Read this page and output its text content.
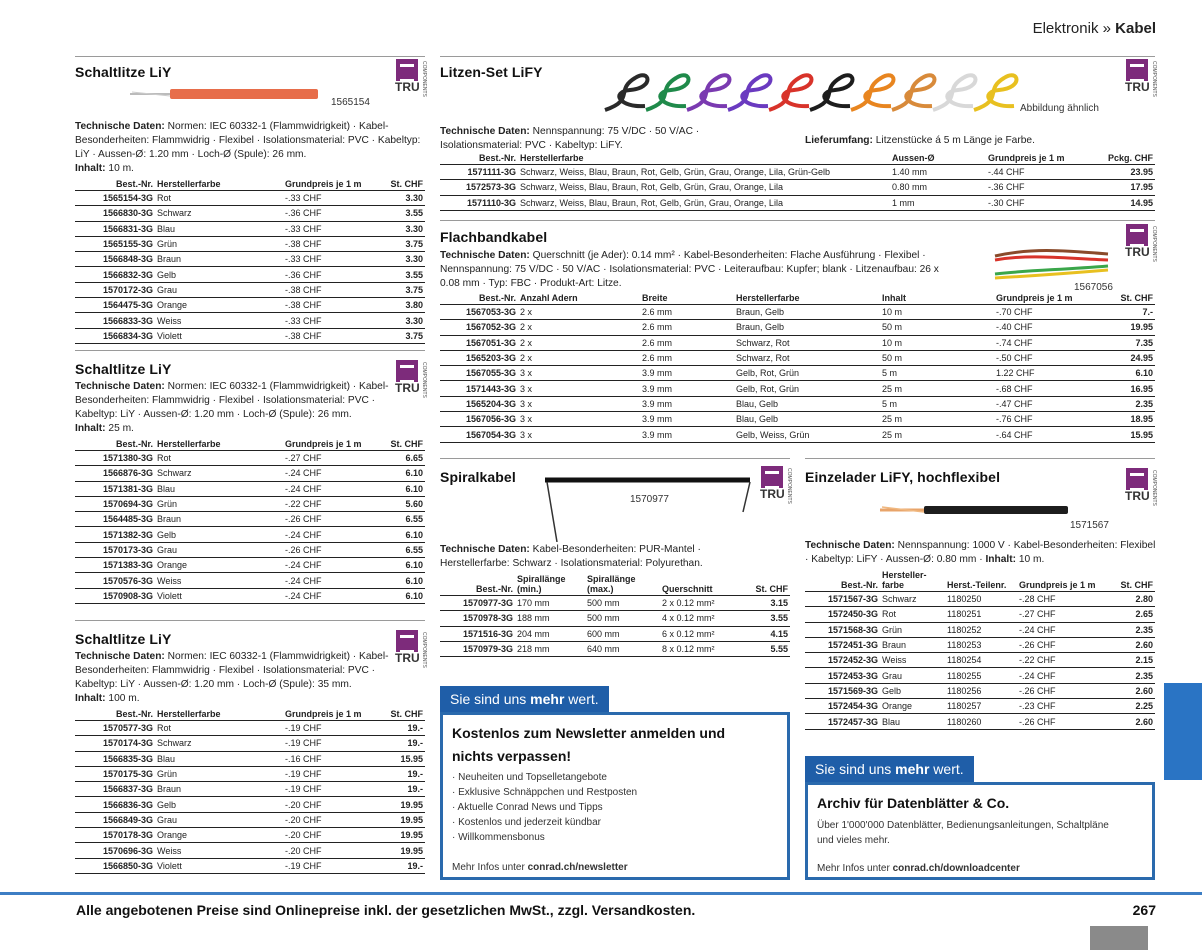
Elektronik » Kabel
Schaltlitze LiY
TRU COMPONENTS
1565154
Technische Daten: Normen: IEC 60332-1 (Flammwidrigkeit) · Kabel-Besonderheiten: Flammwidrig · Flexibel · Isolationsmaterial: PVC · Kabeltyp: LiY · Aussen-Ø: 1.20 mm · Loch-Ø (Spule): 26 mm.
Inhalt: 10 m.
Best.-Nr.	Herstellerfarbe	Grundpreis je 1 m	St. CHF
1565154-3G	Rot	-.33 CHF	3.30
1566830-3G	Schwarz	-.36 CHF	3.55
1566831-3G	Blau	-.33 CHF	3.30
1565155-3G	Grün	-.38 CHF	3.75
1566848-3G	Braun	-.33 CHF	3.30
1566832-3G	Gelb	-.36 CHF	3.55
1570172-3G	Grau	-.38 CHF	3.75
1564475-3G	Orange	-.38 CHF	3.80
1566833-3G	Weiss	-.33 CHF	3.30
1566834-3G	Violett	-.38 CHF	3.75
Schaltlitze LiY
TRU COMPONENTS
Technische Daten: Normen: IEC 60332-1 (Flammwidrigkeit) · Kabel-Besonderheiten: Flammwidrig · Flexibel · Isolationsmaterial: PVC · Kabeltyp: LiY · Aussen-Ø: 1.20 mm · Loch-Ø (Spule): 26 mm.
Inhalt: 25 m.
Best.-Nr.	Herstellerfarbe	Grundpreis je 1 m	St. CHF
1571380-3G	Rot	-.27 CHF	6.65
1566876-3G	Schwarz	-.24 CHF	6.10
1571381-3G	Blau	-.24 CHF	6.10
1570694-3G	Grün	-.22 CHF	5.60
1564485-3G	Braun	-.26 CHF	6.55
1571382-3G	Gelb	-.24 CHF	6.10
1570173-3G	Grau	-.26 CHF	6.55
1571383-3G	Orange	-.24 CHF	6.10
1570576-3G	Weiss	-.24 CHF	6.10
1570908-3G	Violett	-.24 CHF	6.10
Schaltlitze LiY
TRU COMPONENTS
Technische Daten: Normen: IEC 60332-1 (Flammwidrigkeit) · Kabel-Besonderheiten: Flammwidrig · Flexibel · Isolationsmaterial: PVC · Kabeltyp: LiY · Aussen-Ø: 1.20 mm · Loch-Ø (Spule): 35 mm.
Inhalt: 100 m.
Best.-Nr.	Herstellerfarbe	Grundpreis je 1 m	St. CHF
1570577-3G	Rot	-.19 CHF	19.-
1570174-3G	Schwarz	-.19 CHF	19.-
1566835-3G	Blau	-.16 CHF	15.95
1570175-3G	Grün	-.19 CHF	19.-
1566837-3G	Braun	-.19 CHF	19.-
1566836-3G	Gelb	-.20 CHF	19.95
1566849-3G	Grau	-.20 CHF	19.95
1570178-3G	Orange	-.20 CHF	19.95
1570696-3G	Weiss	-.20 CHF	19.95
1566850-3G	Violett	-.19 CHF	19.-
Litzen-Set LiFY
Abbildung ähnlich
TRU COMPONENTS
Technische Daten: Nennspannung: 75 V/DC · 50 V/AC · Isolationsmaterial: PVC · Kabeltyp: LiFY.	Lieferumfang: Litzenstücke á 5 m Länge je Farbe.
Best.-Nr.	Herstellerfarbe	Aussen-Ø	Grundpreis je 1 m	Pckg. CHF
1571111-3G	Schwarz, Weiss, Blau, Braun, Rot, Gelb, Grün, Grau, Orange, Lila, Grün-Gelb	1.40 mm	-.44 CHF	23.95
1572573-3G	Schwarz, Weiss, Blau, Braun, Rot, Gelb, Grün, Grau, Orange, Lila	0.80 mm	-.36 CHF	17.95
1571110-3G	Schwarz, Weiss, Blau, Braun, Rot, Gelb, Grün, Grau, Orange, Lila	1 mm	-.30 CHF	14.95
Flachbandkabel
1567056
TRU COMPONENTS
Technische Daten: Querschnitt (je Ader): 0.14 mm² · Kabel-Besonderheiten: Flache Ausführung · Flexibel · Nennspannung: 75 V/DC · 50 V/AC · Isolationsmaterial: PVC · Leiteraufbau: Kupfer; blank · Litzenaufbau: 26 x 0.08 mm · Typ: FBC · Produkt-Art: Litze.
Best.-Nr.	Anzahl Adern	Breite	Herstellerfarbe	Inhalt	Grundpreis je 1 m	St. CHF
1567053-3G	2 x	2.6 mm	Braun, Gelb	10 m	-.70 CHF	7.-
1567052-3G	2 x	2.6 mm	Braun, Gelb	50 m	-.40 CHF	19.95
1567051-3G	2 x	2.6 mm	Schwarz, Rot	10 m	-.74 CHF	7.35
1565203-3G	2 x	2.6 mm	Schwarz, Rot	50 m	-.50 CHF	24.95
1567055-3G	3 x	3.9 mm	Gelb, Rot, Grün	5 m	1.22 CHF	6.10
1571443-3G	3 x	3.9 mm	Gelb, Rot, Grün	25 m	-.68 CHF	16.95
1565204-3G	3 x	3.9 mm	Blau, Gelb	5 m	-.47 CHF	2.35
1567056-3G	3 x	3.9 mm	Blau, Gelb	25 m	-.76 CHF	18.95
1567054-3G	3 x	3.9 mm	Gelb, Weiss, Grün	25 m	-.64 CHF	15.95
Spiralkabel
1570977	TRU COMPONENTS
Technische Daten: Kabel-Besonderheiten: PUR-Mantel · Herstellerfarbe: Schwarz · Isolationsmaterial: Polyurethan.
Best.-Nr.	Spirallänge (min.)	Spirallänge (max.)	Querschnitt	St. CHF
1570977-3G	170 mm	500 mm	2 x 0.12 mm²	3.15
1570978-3G	188 mm	500 mm	4 x 0.12 mm²	3.55
1571516-3G	204 mm	600 mm	6 x 0.12 mm²	4.15
1570979-3G	218 mm	640 mm	8 x 0.12 mm²	5.55
Einzelader LiFY, hochflexibel
1571567
TRU COMPONENTS
Technische Daten: Nennspannung: 1000 V · Kabel-Besonderheiten: Flexibel · Kabeltyp: LiFY · Aussen-Ø: 0.80 mm · Inhalt: 10 m.
Best.-Nr.	Hersteller-farbe	Herst.-Teilenr.	Grundpreis je 1 m	St. CHF
1571567-3G	Schwarz	1180250	-.28 CHF	2.80
1572450-3G	Rot	1180251	-.27 CHF	2.65
1571568-3G	Grün	1180252	-.24 CHF	2.35
1572451-3G	Braun	1180253	-.26 CHF	2.60
1572452-3G	Weiss	1180254	-.22 CHF	2.15
1572453-3G	Grau	1180255	-.24 CHF	2.35
1571569-3G	Gelb	1180256	-.26 CHF	2.60
1572454-3G	Orange	1180257	-.23 CHF	2.25
1572457-3G	Blau	1180260	-.26 CHF	2.60
Sie sind uns mehr wert.
Kostenlos zum Newsletter anmelden und
nichts verpassen!
· Neuheiten und Topselletangebote
· Exklusive Schnäppchen und Restposten
· Aktuelle Conrad News und Tipps
· Kostenlos und jederzeit kündbar
· Willkommensbonus
Mehr Infos unter conrad.ch/newsletter
Sie sind uns mehr wert.
Archiv für Datenblätter & Co.
Über 1'000'000 Datenblätter, Bedienungsanleitungen, Schaltpläne und vieles mehr.
Mehr Infos unter conrad.ch/downloadcenter
Alle angebotenen Preise sind Onlinepreise inkl. der gesetzlichen MwSt., zzgl. Versandkosten.	267
